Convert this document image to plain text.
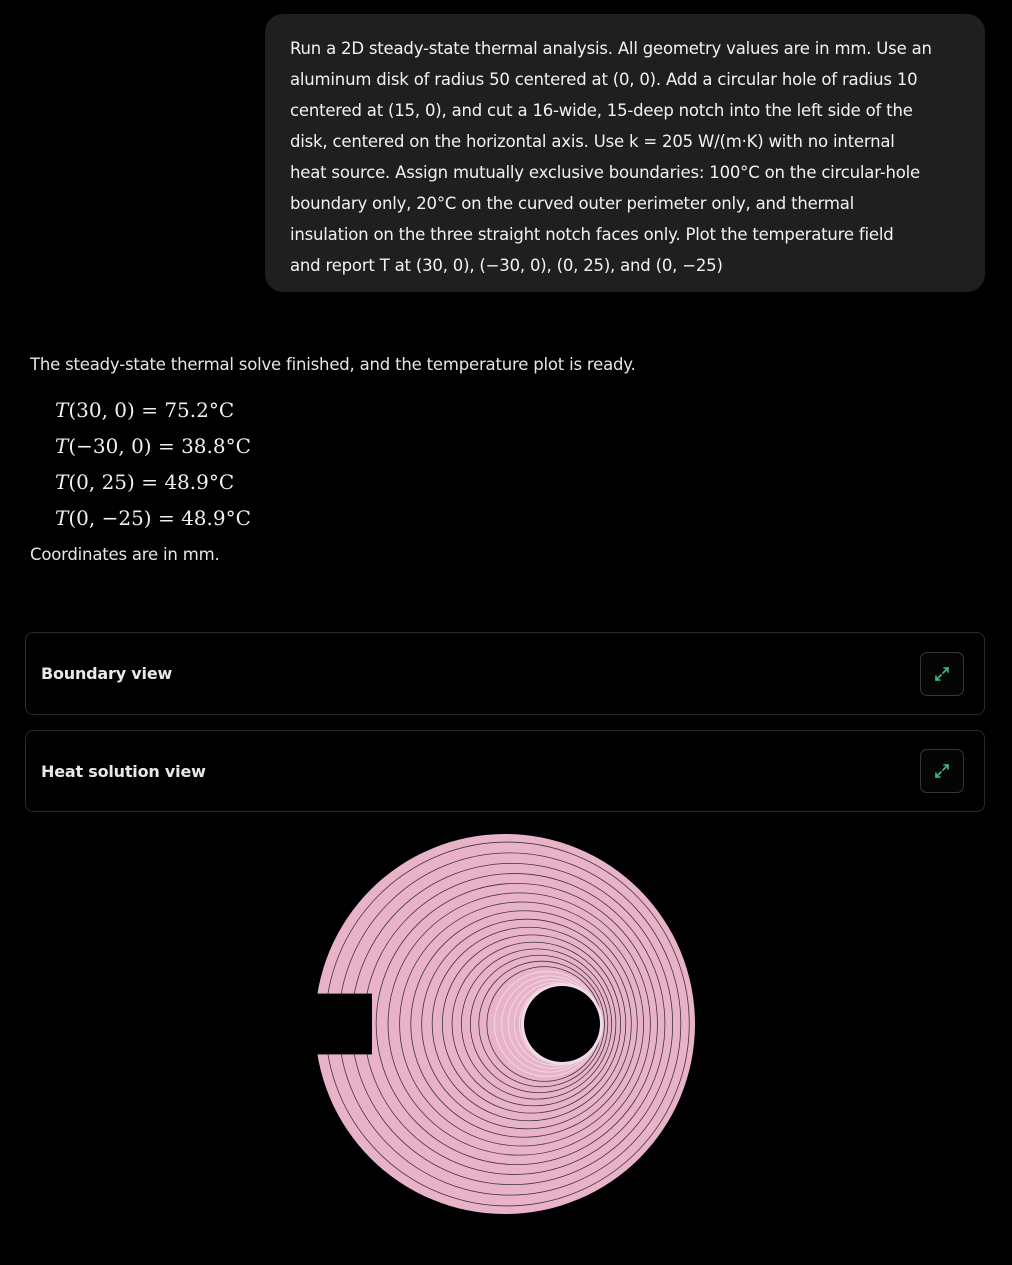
Run a 2D steady-state thermal analysis. All geometry values are in mm. Use an
aluminum disk of radius 50 centered at (0, 0). Add a circular hole of radius 10
centered at (15, 0), and cut a 16-wide, 15-deep notch into the left side of the
disk, centered on the horizontal axis. Use k = 205 W/(m·K) with no internal
heat source. Assign mutually exclusive boundaries: 100°C on the circular-hole
boundary only, 20°C on the curved outer perimeter only, and thermal
insulation on the three straight notch faces only. Plot the temperature field
and report T at (30, 0), (−30, 0), (0, 25), and (0, −25)
The steady-state thermal solve finished, and the temperature plot is ready.
T(30, 0) = 75.2°C
T(−30, 0) = 38.8°C
T(0, 25) = 48.9°C
T(0, −25) = 48.9°C
Coordinates are in mm.
Boundary view
Heat solution view
